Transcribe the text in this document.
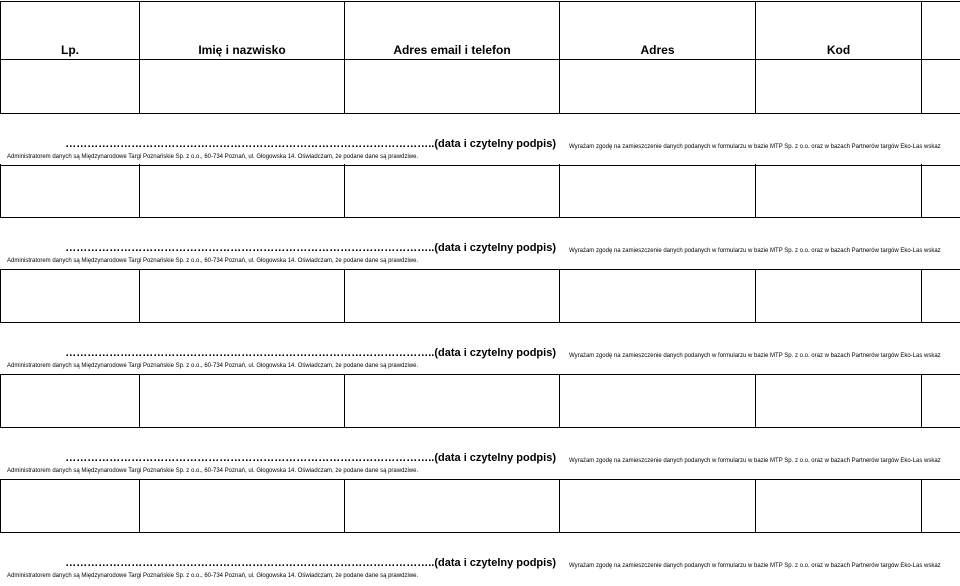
Lp.	Imię i nazwisko	Adres email i telefon	Adres	Kod
………………………………………………………………………………………..(data i czytelny podpis) Wyrażam zgodę na zamieszczenie danych podanych w formularzu w bazie MTP Sp. z o.o. oraz w bazach Partnerów targów Eko-Las wskaz
Administratorem danych są Międzynarodowe Targi Poznańskie Sp. z o.o., 60-734 Poznań, ul. Głogowska 14. Oświadczam, że podane dane są prawdziwe.
………………………………………………………………………………………..(data i czytelny podpis) Wyrażam zgodę na zamieszczenie danych podanych w formularzu w bazie MTP Sp. z o.o. oraz w bazach Partnerów targów Eko-Las wskaz
Administratorem danych są Międzynarodowe Targi Poznańskie Sp. z o.o., 60-734 Poznań, ul. Głogowska 14. Oświadczam, że podane dane są prawdziwe.
………………………………………………………………………………………..(data i czytelny podpis) Wyrażam zgodę na zamieszczenie danych podanych w formularzu w bazie MTP Sp. z o.o. oraz w bazach Partnerów targów Eko-Las wskaz
Administratorem danych są Międzynarodowe Targi Poznańskie Sp. z o.o., 60-734 Poznań, ul. Głogowska 14. Oświadczam, że podane dane są prawdziwe.
………………………………………………………………………………………..(data i czytelny podpis) Wyrażam zgodę na zamieszczenie danych podanych w formularzu w bazie MTP Sp. z o.o. oraz w bazach Partnerów targów Eko-Las wskaz
Administratorem danych są Międzynarodowe Targi Poznańskie Sp. z o.o., 60-734 Poznań, ul. Głogowska 14. Oświadczam, że podane dane są prawdziwe.
………………………………………………………………………………………..(data i czytelny podpis) Wyrażam zgodę na zamieszczenie danych podanych w formularzu w bazie MTP Sp. z o.o. oraz w bazach Partnerów targów Eko-Las wskaz
Administratorem danych są Międzynarodowe Targi Poznańskie Sp. z o.o., 60-734 Poznań, ul. Głogowska 14. Oświadczam, że podane dane są prawdziwe.
